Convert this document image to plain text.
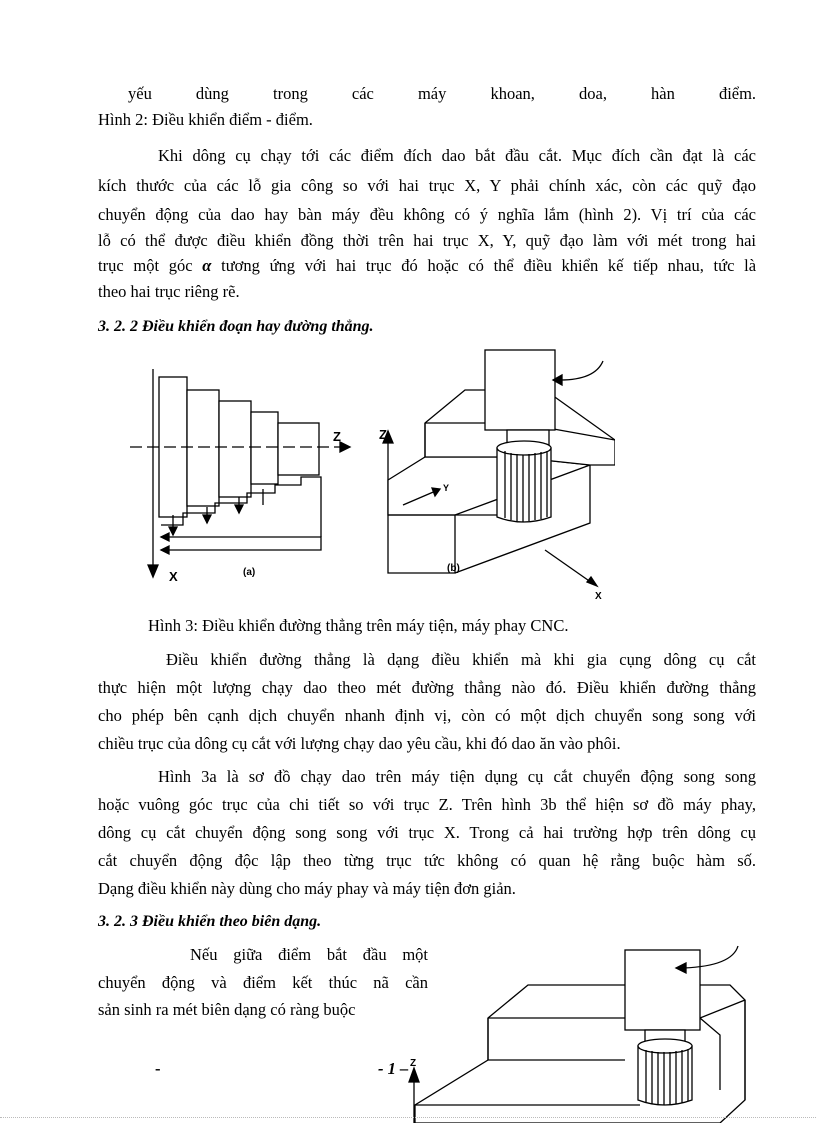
yếu	dùng	trong	các	máy	khoan,	doa,	hàn	điểm.
Hình 2: Điều khiển điểm - điểm.
Khi dông cụ chạy tới các điểm đích dao bắt đầu cắt. Mục đích cần đạt là các
kích thước của các lỗ gia công so với hai trục X, Y phải chính xác, còn các quỹ đạo
chuyển động của dao hay bàn máy đều không có ý nghĩa lắm (hình 2). Vị trí của các
lỗ có thể được điều khiển đồng thời trên hai trục X, Y, quỹ đạo làm với mét trong hai
trục một góc α tương ứng với hai trục đó hoặc có thể điều khiển kế tiếp nhau, tức là
theo hai trục riêng rẽ.
3. 2. 2 Điều khiển đoạn hay đường thẳng.
Z
X	(a)
Z
Y
(b)
X
Hình 3: Điều khiển đường thẳng trên máy tiện, máy phay CNC.
Điều khiển đường thẳng là dạng điều khiển mà khi gia cụng dông cụ cắt
thực hiện một lượng chạy dao theo mét đường thẳng nào đó. Điều khiển đường thẳng
cho phép bên cạnh dịch chuyển nhanh định vị, còn có một dịch chuyển song song với
chiều trục của dông cụ cắt với lượng chạy dao yêu cầu, khi đó dao ăn vào phôi.
Hình 3a là sơ đồ chạy dao trên máy tiện dụng cụ cắt chuyển động song song
hoặc vuông góc trục của chi tiết so với trục Z. Trên hình 3b thể hiện sơ đồ máy phay,
dông cụ cắt chuyển động song song với trục X. Trong cả hai trường hợp trên dông cụ
cắt chuyển động độc lập theo từng trục tức không có quan hệ rằng buộc hàm số.
Dạng điều khiển này dùng cho máy phay và máy tiện đơn giản.
3. 2. 3 Điều khiển theo biên dạng.
Nếu giữa điểm bắt đầu một
chuyển động và điểm kết thúc nã cần
sản sinh ra mét biên dạng có ràng buộc
Z
-	- 1 –
